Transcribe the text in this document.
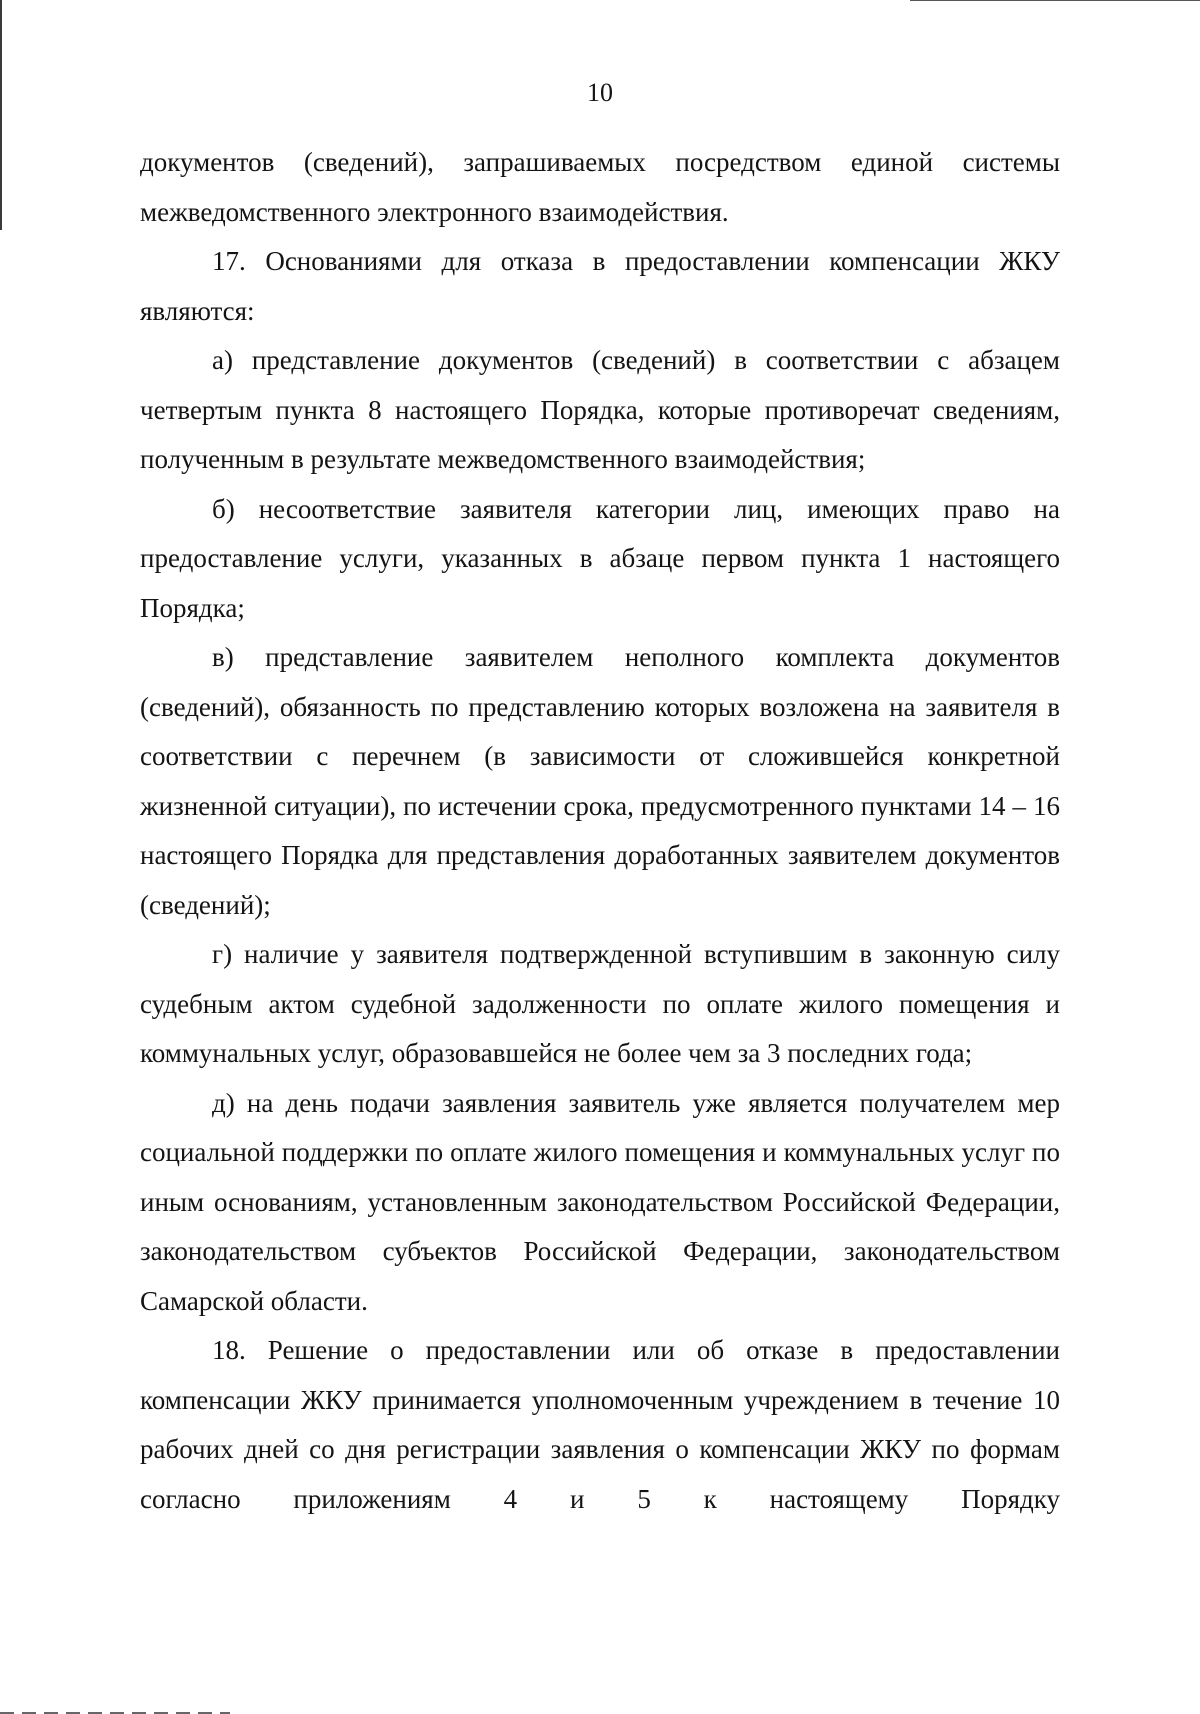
10

документов (сведений), запрашиваемых посредством единой системы межведомственного электронного взаимодействия.

17. Основаниями для отказа в предоставлении компенсации ЖКУ являются:

а) представление документов (сведений) в соответствии с абзацем четвертым пункта 8 настоящего Порядка, которые противоречат сведениям, полученным в результате межведомственного взаимодействия;

б) несоответствие заявителя категории лиц, имеющих право на предоставление услуги, указанных в абзаце первом пункта 1 настоящего Порядка;

в) представление заявителем неполного комплекта документов (сведений), обязанность по представлению которых возложена на заявителя в соответствии с перечнем (в зависимости от сложившейся конкретной жизненной ситуации), по истечении срока, предусмотренного пунктами 14 – 16 настоящего Порядка для представления доработанных заявителем документов (сведений);

г) наличие у заявителя подтвержденной вступившим в законную силу судебным актом судебной задолженности по оплате жилого помещения и коммунальных услуг, образовавшейся не более чем за 3 последних года;

д) на день подачи заявления заявитель уже является получателем мер социальной поддержки по оплате жилого помещения и коммунальных услуг по иным основаниям, установленным законодательством Российской Федерации, законодательством субъектов Российской Федерации, законодательством Самарской области.

18. Решение о предоставлении или об отказе в предоставлении компенсации ЖКУ принимается уполномоченным учреждением в течение 10 рабочих дней со дня регистрации заявления о компенсации ЖКУ по формам согласно приложениям 4 и 5 к настоящему Порядку
